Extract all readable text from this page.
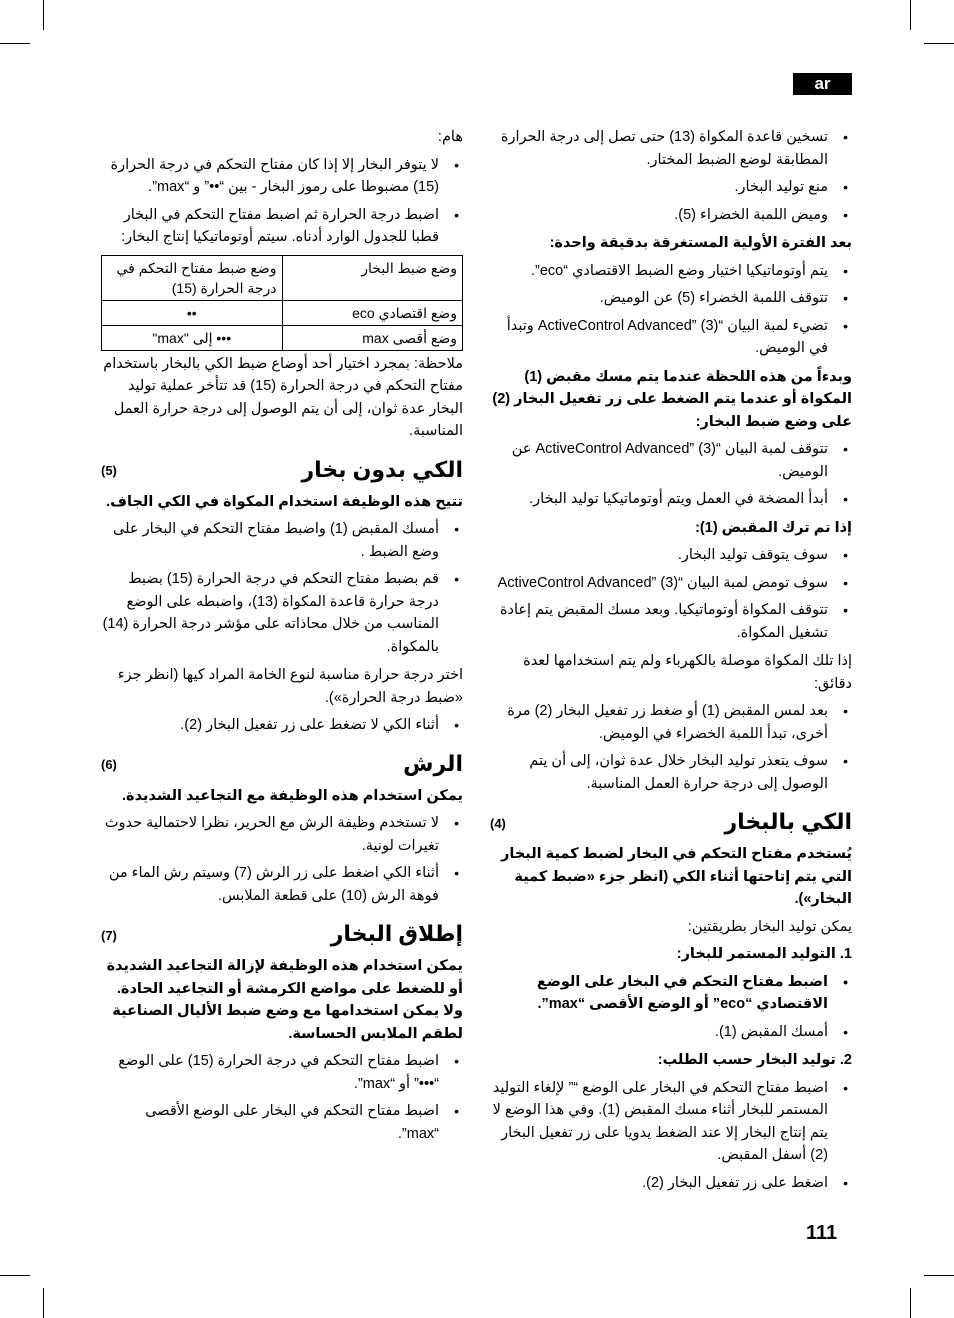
ar
• تسخين قاعدة المكواة (13) حتى تصل إلى درجة الحرارة المطابقة لوضع الضبط المختار.
• منع توليد البخار.
• وميض اللمبة الخضراء (5).

بعد الفترة الأولية المستغرقة بدقيقة واحدة:

• يتم أوتوماتيكيا اختيار وضع الضبط الاقتصادي “eco”.
• تتوقف اللمبة الخضراء (5) عن الوميض.
• تضيء لمبة البيان “ActiveControl Advanced” (3) وتبدأ في الوميض.

وبدءاً من هذه اللحظة عندما يتم مسك مقبض (1) المكواة أو عندما يتم الضغط على زر تفعيل البخار (2) على وضع ضبط البخار:

• تتوقف لمبة البيان “ActiveControl Advanced” (3) عن الوميض.
• أبدأ المضخة في العمل ويتم أوتوماتيكيا توليد البخار.

إذا تم ترك المقبض (1):

• سوف يتوقف توليد البخار.
• سوف تومض لمبة البيان “ActiveControl Advanced” (3)
• تتوقف المكواة أوتوماتيكيا. وبعد مسك المقبض يتم إعادة تشغيل المكواة.

إذا تلك المكواة موصلة بالكهرباء ولم يتم استخدامها لعدة دقائق:

• بعد لمس المقبض (1) أو ضغط زر تفعيل البخار (2) مرة أخرى، تبدأ اللمبة الخضراء في الوميض.
• سوف يتعذر توليد البخار خلال عدة ثوان، إلى أن يتم الوصول إلى درجة حرارة العمل المناسبة.
الكي بالبخار
(4)

يُستخدم مفتاح التحكم في البخار لضبط كمية البخار التي يتم إتاحتها أثناء الكي (انظر جزء «ضبط كمية البخار»).

يمكن توليد البخار بطريقتين:

1. التوليد المستمر للبخار:

• اضبط مفتاح التحكم في البخار على الوضع الاقتصادي “eco” أو الوضع الأقصى “max”.
• أمسك المقبض (1).

2. توليد البخار حسب الطلب:

• اضبط مفتاح التحكم في البخار على الوضع “” لإلغاء التوليد المستمر للبخار أثناء مسك المقبض (1). وفي هذا الوضع لا يتم إنتاج البخار إلا عند الضغط يدويا على زر تفعيل البخار (2) أسفل المقبض.
• اضغط على زر تفعيل البخار (2).

هام:

• لا يتوفر البخار إلا إذا كان مفتاح التحكم في درجة الحرارة (15) مضبوطا على رموز البخار - بين “••” و “max”.
• اضبط درجة الحرارة ثم اضبط مفتاح التحكم في البخار قطبا للجدول الوارد أدناه. سيتم أوتوماتيكيا إنتاج البخار:
وضع ضبط البخار	وضع ضبط مفتاح التحكم في درجة الحرارة (15)
وضع اقتصادي eco	••
وضع أقصى max	••• إلى "max"

ملاحظة: بمجرد اختيار أحد أوضاع ضبط الكي بالبخار باستخدام مفتاح التحكم في درجة الحرارة (15) قد تتأخر عملية توليد البخار عدة ثوان، إلى أن يتم الوصول إلى درجة حرارة العمل المناسبة.

الكي بدون بخار
(5)

تتيح هذه الوظيفة استخدام المكواة في الكي الجاف.

• أمسك المقبض (1) واضبط مفتاح التحكم في البخار على وضع الضبط .
• قم بضبط مفتاح التحكم في درجة الحرارة (15) بضبط درجة حرارة قاعدة المكواة (13)، واضبطه على الوضع المناسب من خلال محاذاته على مؤشر درجة الحرارة (14) بالمكواة.

اختر درجة حرارة مناسبة لنوع الخامة المراد كيها (انظر جزء «ضبط درجة الحرارة»).

• أثناء الكي لا تضغط على زر تفعيل البخار (2).
الرش
(6)

يمكن استخدام هذه الوظيفة مع التجاعيد الشديدة.

• لا تستخدم وظيفة الرش مع الحرير، نظرا لاحتمالية حدوث تغيرات لونية.
• أثناء الكي اضغط على زر الرش (7) وسيتم رش الماء من فوهة الرش (10) على قطعة الملابس.
إطلاق البخار
(7)

يمكن استخدام هذه الوظيفة لإزالة التجاعيد الشديدة أو للضغط على مواضع الكرمشة أو التجاعيد الحادة. ولا يمكن استخدامها مع وضع ضبط الأليال الصناعية لطقم الملابس الحساسة.

• اضبط مفتاح التحكم في درجة الحرارة (15) على الوضع “•••” أو “max”.
• اضبط مفتاح التحكم في البخار على الوضع الأقصى “max”.
111
